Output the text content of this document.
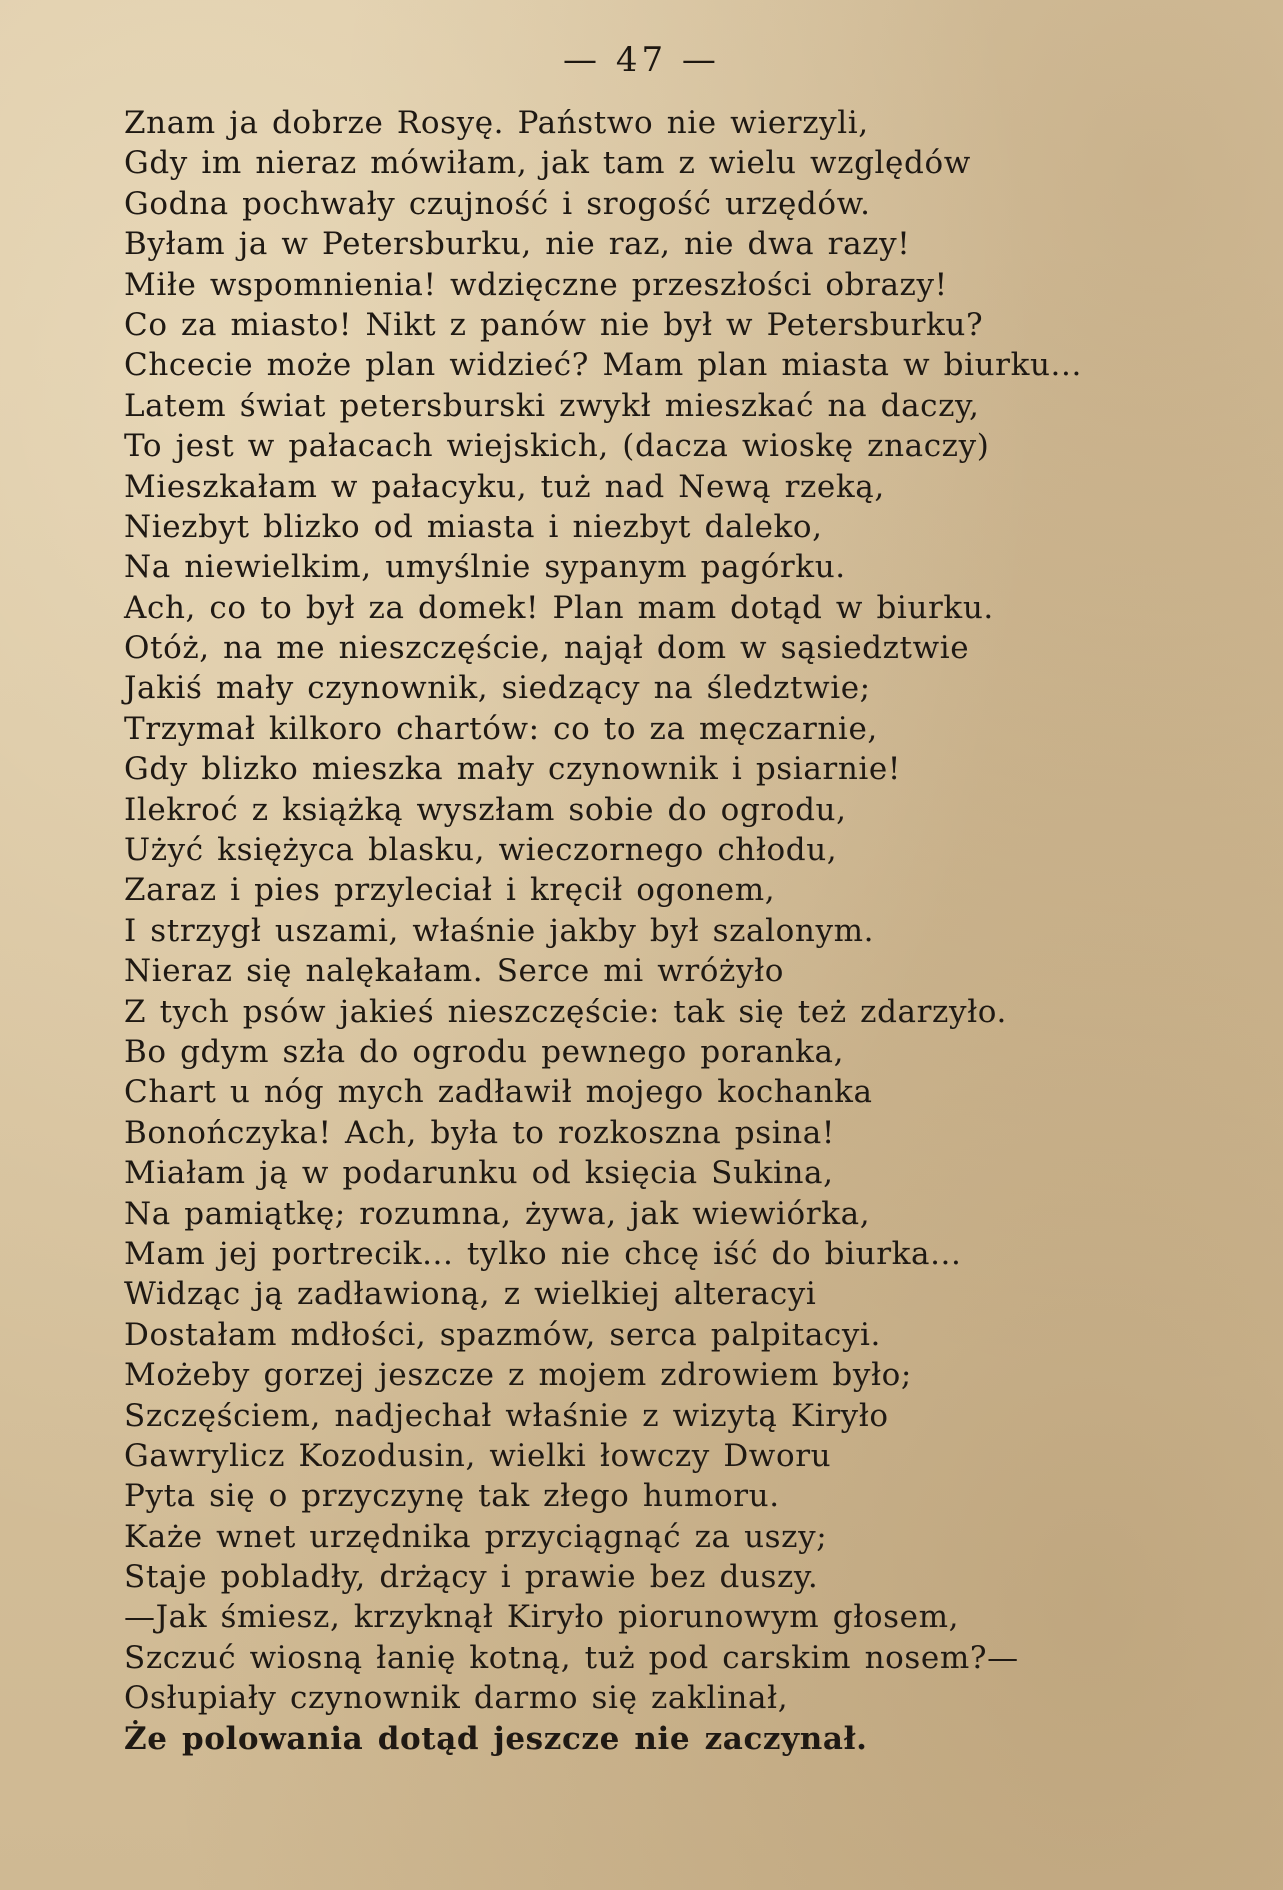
— 47 —
Znam ja dobrze Rosyę. Państwo nie wierzyli,
Gdy im nieraz mówiłam, jak tam z wielu względów
Godna pochwały czujność i srogość urzędów.
Byłam ja w Petersburku, nie raz, nie dwa razy!
Miłe wspomnienia! wdzięczne przeszłości obrazy!
Co za miasto! Nikt z panów nie był w Petersburku?
Chcecie może plan widzieć? Mam plan miasta w biurku...
Latem świat petersburski zwykł mieszkać na daczy,
To jest w pałacach wiejskich, (dacza wioskę znaczy)
Mieszkałam w pałacyku, tuż nad Newą rzeką,
Niezbyt blizko od miasta i niezbyt daleko,
Na niewielkim, umyślnie sypanym pagórku.
Ach, co to był za domek! Plan mam dotąd w biurku.
Otóż, na me nieszczęście, najął dom w sąsiedztwie
Jakiś mały czynownik, siedzący na śledztwie;
Trzymał kilkoro chartów: co to za męczarnie,
Gdy blizko mieszka mały czynownik i psiarnie!
Ilekroć z książką wyszłam sobie do ogrodu,
Użyć księżyca blasku, wieczornego chłodu,
Zaraz i pies przyleciał i kręcił ogonem,
I strzygł uszami, właśnie jakby był szalonym.
Nieraz się nalękałam. Serce mi wróżyło
Z tych psów jakieś nieszczęście: tak się też zdarzyło.
Bo gdym szła do ogrodu pewnego poranka,
Chart u nóg mych zadławił mojego kochanka
Bonończyka! Ach, była to rozkoszna psina!
Miałam ją w podarunku od księcia Sukina,
Na pamiątkę; rozumna, żywa, jak wiewiórka,
Mam jej portrecik... tylko nie chcę iść do biurka...
Widząc ją zadławioną, z wielkiej alteracyi
Dostałam mdłości, spazmów, serca palpitacyi.
Możeby gorzej jeszcze z mojem zdrowiem było;
Szczęściem, nadjechał właśnie z wizytą Kiryło
Gawrylicz Kozodusin, wielki łowczy Dworu
Pyta się o przyczynę tak złego humoru.
Każe wnet urzędnika przyciągnąć za uszy;
Staje pobladły, drżący i prawie bez duszy.
—Jak śmiesz, krzyknął Kiryło piorunowym głosem,
Szczuć wiosną łanię kotną, tuż pod carskim nosem?—
Osłupiały czynownik darmo się zaklinał,
Że polowania dotąd jeszcze nie zaczynał.
